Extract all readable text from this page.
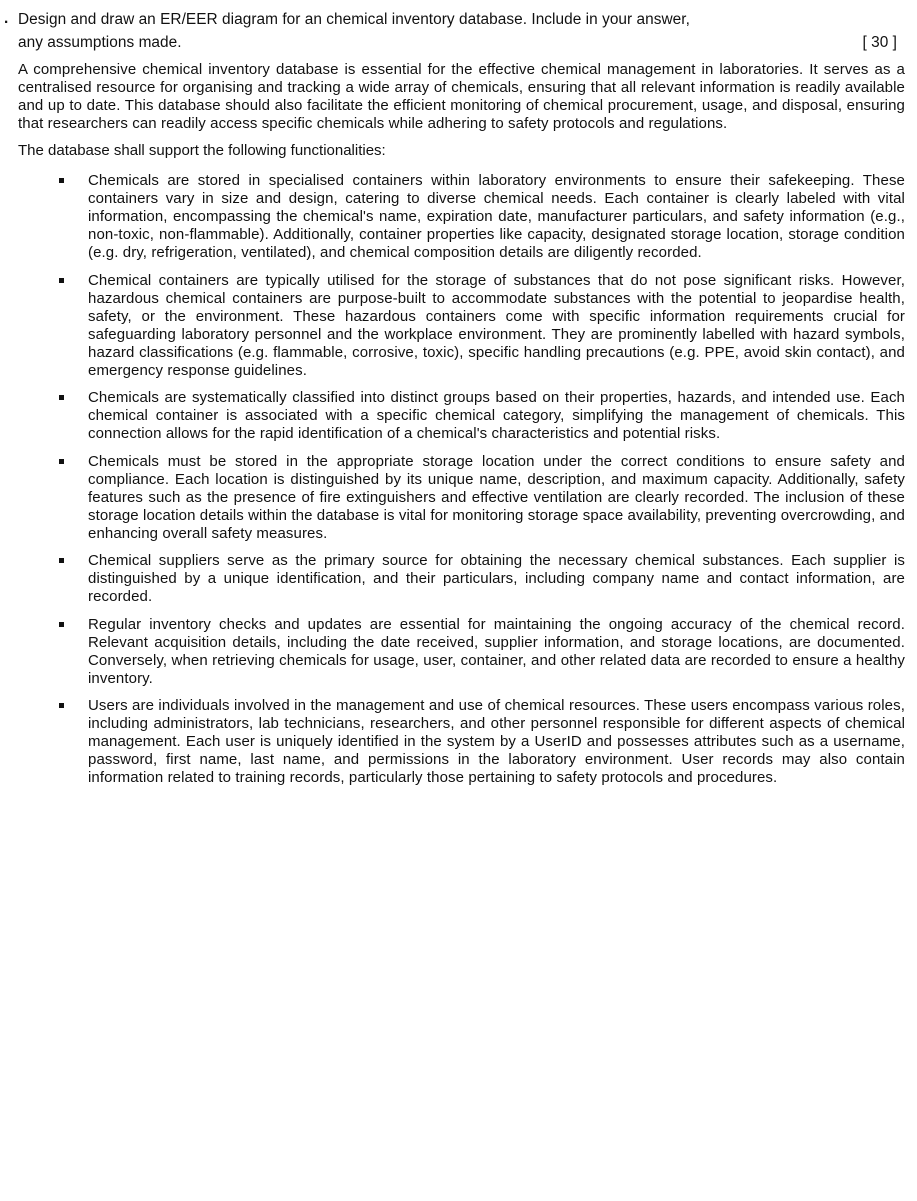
. Design and draw an ER/EER diagram for an chemical inventory database. Include in your answer,
any assumptions made.	[ 30 ]

A comprehensive chemical inventory database is essential for the effective chemical management in laboratories. It serves as a centralised resource for organising and tracking a wide array of chemicals, ensuring that all relevant information is readily available and up to date. This database should also facilitate the efficient monitoring of chemical procurement, usage, and disposal, ensuring that researchers can readily access specific chemicals while adhering to safety protocols and regulations.

The database shall support the following functionalities:

Chemicals are stored in specialised containers within laboratory environments to ensure their safekeeping. These containers vary in size and design, catering to diverse chemical needs. Each container is clearly labeled with vital information, encompassing the chemical's name, expiration date, manufacturer particulars, and safety information (e.g., non-toxic, non-flammable). Additionally, container properties like capacity, designated storage location, storage condition (e.g. dry, refrigeration, ventilated), and chemical composition details are diligently recorded.
Chemical containers are typically utilised for the storage of substances that do not pose significant risks. However, hazardous chemical containers are purpose-built to accommodate substances with the potential to jeopardise health, safety, or the environment. These hazardous containers come with specific information requirements crucial for safeguarding laboratory personnel and the workplace environment. They are prominently labelled with hazard symbols, hazard classifications (e.g. flammable, corrosive, toxic), specific handling precautions (e.g. PPE, avoid skin contact), and emergency response guidelines.
Chemicals are systematically classified into distinct groups based on their properties, hazards, and intended use. Each chemical container is associated with a specific chemical category, simplifying the management of chemicals. This connection allows for the rapid identification of a chemical's characteristics and potential risks.
Chemicals must be stored in the appropriate storage location under the correct conditions to ensure safety and compliance. Each location is distinguished by its unique name, description, and maximum capacity. Additionally, safety features such as the presence of fire extinguishers and effective ventilation are clearly recorded. The inclusion of these storage location details within the database is vital for monitoring storage space availability, preventing overcrowding, and enhancing overall safety measures.
Chemical suppliers serve as the primary source for obtaining the necessary chemical substances. Each supplier is distinguished by a unique identification, and their particulars, including company name and contact information, are recorded.
Regular inventory checks and updates are essential for maintaining the ongoing accuracy of the chemical record. Relevant acquisition details, including the date received, supplier information, and storage locations, are documented. Conversely, when retrieving chemicals for usage, user, container, and other related data are recorded to ensure a healthy inventory.
Users are individuals involved in the management and use of chemical resources. These users encompass various roles, including administrators, lab technicians, researchers, and other personnel responsible for different aspects of chemical management. Each user is uniquely identified in the system by a UserID and possesses attributes such as a username, password, first name, last name, and permissions in the laboratory environment. User records may also contain information related to training records, particularly those pertaining to safety protocols and procedures.
